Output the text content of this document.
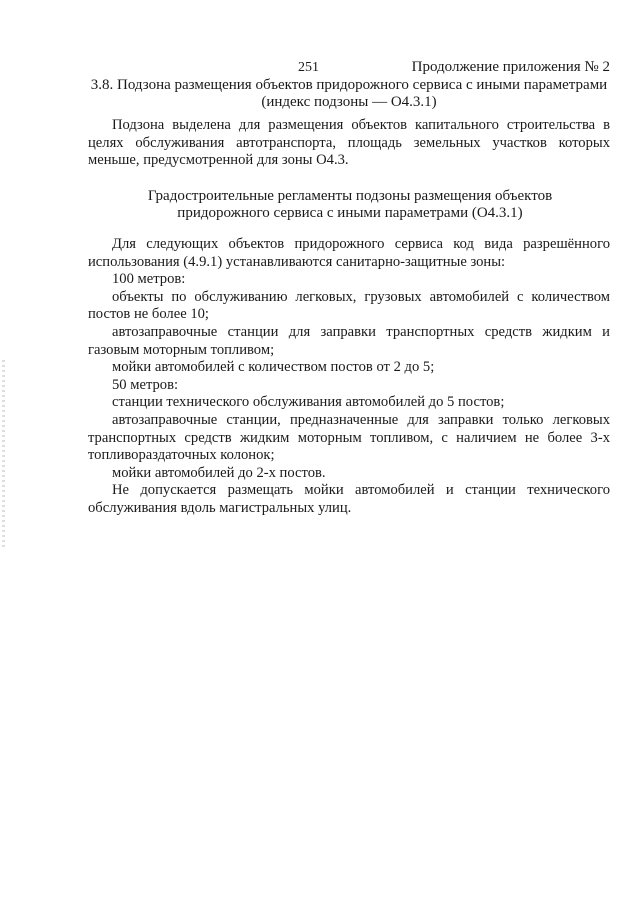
251	Продолжение приложения № 2
3.8. Подзона размещения объектов придорожного сервиса с иными параметрами
(индекс подзоны — О4.3.1)

Подзона выделена для размещения объектов капитального строительства в целях обслуживания автотранспорта, площадь земельных участков которых меньше, предусмотренной для зоны О4.3.

Градостроительные регламенты подзоны размещения объектов
придорожного сервиса с иными параметрами (О4.3.1)

Для следующих объектов придорожного сервиса код вида разрешённого использования (4.9.1) устанавливаются санитарно-защитные зоны:

100 метров:

объекты по обслуживанию легковых, грузовых автомобилей с количеством постов не более 10;

автозаправочные станции для заправки транспортных средств жидким и газовым моторным топливом;

мойки автомобилей с количеством постов от 2 до 5;

50 метров:

станции технического обслуживания автомобилей до 5 постов;

автозаправочные станции, предназначенные для заправки только легковых транспортных средств жидким моторным топливом, с наличием не более 3-х топливораздаточных колонок;

мойки автомобилей до 2-х постов.

Не допускается размещать мойки автомобилей и станции технического обслуживания вдоль магистральных улиц.
